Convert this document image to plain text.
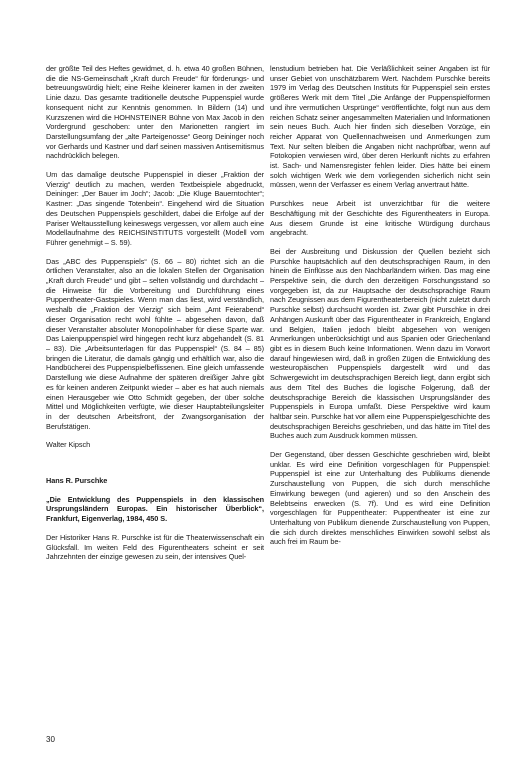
der größte Teil des Heftes gewidmet, d. h. etwa 40 großen Bühnen, die die NS-Gemeinschaft „Kraft durch Freude“ für förderungs- und betreuungswürdig hielt; eine Reihe kleinerer kamen in der zweiten Linie dazu. Das gesamte traditionelle deutsche Puppenspiel wurde konsequent nicht zur Kenntnis genommen. In Bildern (14) und Kurzszenen wird die HOHNSTEINER Bühne von Max Jacob in den Vordergrund geschoben: unter den Marionetten rangiert im Darstellungsumfang der „alte Parteigenosse“ Georg Deininger noch vor Gerhards und Kastner und darf seinen massiven Antisemitismus nachdrücklich belegen.

Um das damalige deutsche Puppenspiel in dieser „Fraktion der Vierzig“ deutlich zu machen, werden Textbeispiele abgedruckt, Deininger: „Der Bauer im Joch“; Jacob: „Die Kluge Bauerntochter“; Kastner: „Das singende Totenbein“. Eingehend wird die Situation des Deutschen Puppenspiels geschildert, dabei die Erfolge auf der Pariser Weltausstellung keineswegs vergessen, vor allem auch eine Modellaufnahme des REICHSINSTITUTS vorgestellt (Modell vom Führer genehmigt – S. 59).

Das „ABC des Puppenspiels“ (S. 66 – 80) richtet sich an die örtlichen Veranstalter, also an die lokalen Stellen der Organisation „Kraft durch Freude“ und gibt – selten vollständig und durchdacht – die Hinweise für die Vorbereitung und Durchführung eines Puppentheater-Gastspieles. Wenn man das liest, wird verständlich, weshalb die „Fraktion der Vierzig“ sich beim „Amt Feierabend“ dieser Organisation recht wohl fühlte – abgesehen davon, daß dieser Veranstalter absoluter Monopolinhaber für diese Sparte war. Das Laienpuppenspiel wird hingegen recht kurz abgehandelt (S. 81 – 83). Die „Arbeitsunterlagen für das Puppenspiel“ (S. 84 – 85) bringen die Literatur, die damals gängig und erhältlich war, also die Handbücherei des Puppenspielbeflissenen. Eine gleich umfassende Darstellung wie diese Aufnahme der späteren dreißiger Jahre gibt es für keinen anderen Zeitpunkt wieder – aber es hat auch niemals einen Herausgeber wie Otto Schmidt gegeben, der über solche Mittel und Möglichkeiten verfügte, wie dieser Hauptabteilungsleiter in der deutschen Arbeitsfront, der Zwangsorganisation der Berufstätigen.

Walter Kipsch
Hans R. Purschke
„Die Entwicklung des Puppenspiels in den klassischen Ursprungsländern Europas. Ein historischer Überblick“, Frankfurt, Eigenverlag, 1984, 450 S.

Der Historiker Hans R. Purschke ist für die Theaterwissenschaft ein Glücksfall. Im weiten Feld des Figurentheaters scheint er seit Jahrzehnten der einzige gewesen zu sein, der intensives Quel-

lenstudium betrieben hat. Die Verläßlichkeit seiner Angaben ist für unser Gebiet von unschätzbarem Wert. Nachdem Purschke bereits 1979 im Verlag des Deutschen Instituts für Puppenspiel sein erstes größeres Werk mit dem Titel „Die Anfänge der Puppenspielformen und ihre vermutlichen Ursprünge“ veröffentlichte, folgt nun aus dem reichen Schatz seiner angesammelten Materialien und Informationen sein neues Buch. Auch hier finden sich dieselben Vorzüge, ein reicher Apparat von Quellennachweisen und Anmerkungen zum Text. Nur selten bleiben die Angaben nicht nachprüfbar, wenn auf Fotokopien verwiesen wird, über deren Herkunft nichts zu erfahren ist. Sach- und Namensregister fehlen leider. Dies hätte bei einem solch wichtigen Werk wie dem vorliegenden sicherlich nicht sein müssen, wenn der Verfasser es einem Verlag anvertraut hätte.

Purschkes neue Arbeit ist unverzichtbar für die weitere Beschäftigung mit der Geschichte des Figurentheaters in Europa. Aus diesem Grunde ist eine kritische Würdigung durchaus angebracht.

Bei der Ausbreitung und Diskussion der Quellen bezieht sich Purschke hauptsächlich auf den deutschsprachigen Raum, in den hinein die Einflüsse aus den Nachbarländern wirken. Das mag eine Perspektive sein, die durch den derzeitigen Forschungsstand so vorgegeben ist, da zur Hauptsache der deutschsprachige Raum nach Zeugnissen aus dem Figurentheaterbereich (nicht zuletzt durch Purschke selbst) durchsucht worden ist. Zwar gibt Purschke in drei Anhängen Auskunft über das Figurentheater in Frankreich, England und Belgien, Italien jedoch bleibt abgesehen von wenigen Anmerkungen unberücksichtigt und aus Spanien oder Griechenland gibt es in diesem Buch keine Informationen. Wenn dazu im Vorwort darauf hingewiesen wird, daß in großen Zügen die Entwicklung des westeuropäischen Puppenspiels dargestellt wird und das Schwergewicht im deutschsprachigen Bereich liegt, dann ergibt sich aus dem Titel des Buches die logische Folgerung, daß der deutschsprachige Bereich die klassischen Ursprungsländer des Puppenspiels in Europa umfaßt. Diese Perspektive wird kaum haltbar sein. Purschke hat vor allem eine Puppenspielgeschichte des deutschsprachigen Bereichs geschrieben, und das hätte im Titel des Buches auch zum Ausdruck kommen müssen.

Der Gegenstand, über dessen Geschichte geschrieben wird, bleibt unklar. Es wird eine Definition vorgeschlagen für Puppenspiel: Puppenspiel ist eine zur Unterhaltung des Publikums dienende Zurschaustellung von Puppen, die sich durch menschliche Einwirkung bewegen (und agieren) und so den Anschein des Belebtseins erwecken (S. 7f). Und es wird eine Definition vorgeschlagen für Puppentheater: Puppentheater ist eine zur Unterhaltung von Publikum dienende Zurschaustellung von Puppen, die sich durch direktes menschliches Einwirken sowohl selbst als auch frei im Raum be-

30
